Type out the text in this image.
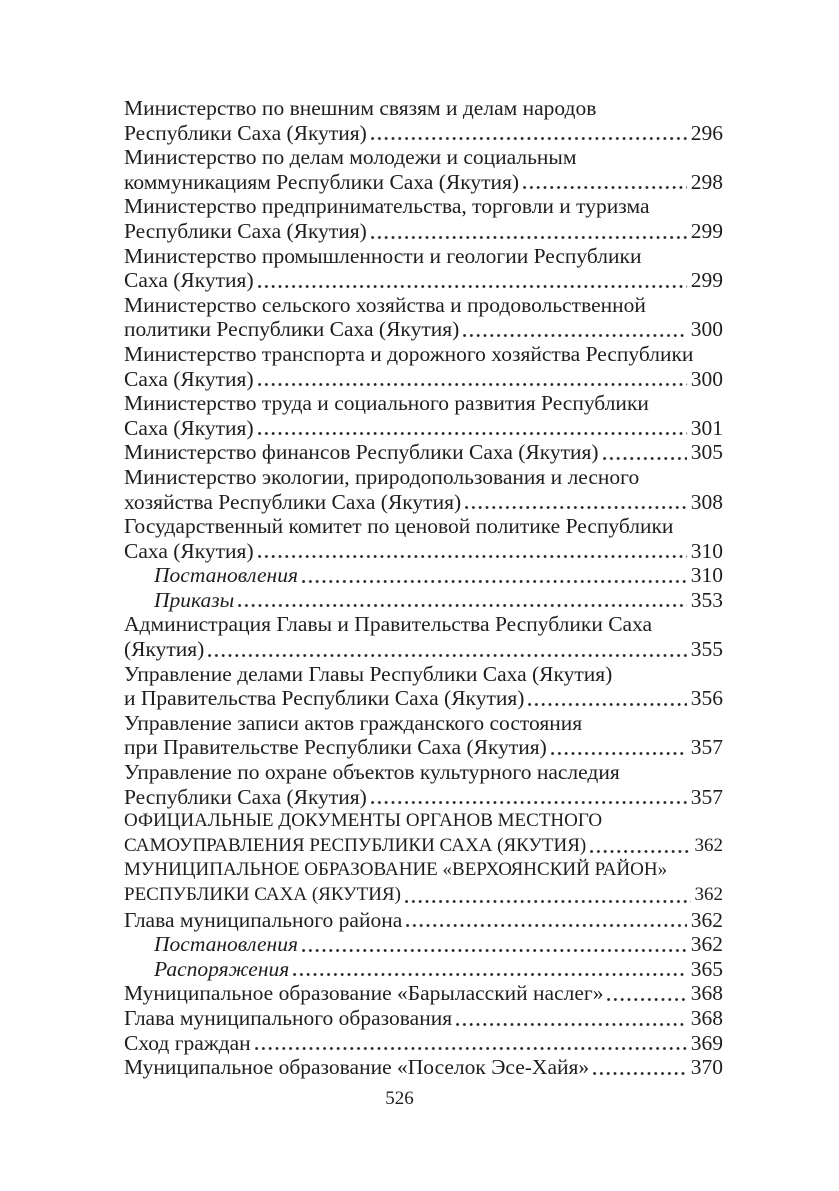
Министерство по внешним связям и делам народов
Республики Саха (Якутия)	296
Министерство по делам молодежи и социальным
коммуникациям Республики Саха (Якутия)	298
Министерство предпринимательства, торговли и туризма
Республики Саха (Якутия)	299
Министерство промышленности и геологии Республики
Саха (Якутия)	299
Министерство сельского хозяйства и продовольственной
политики Республики Саха (Якутия)	300
Министерство транспорта и дорожного хозяйства Республики
Саха (Якутия)	300
Министерство труда и социального развития Республики
Саха (Якутия)	301
Министерство финансов Республики Саха (Якутия)	305
Министерство экологии, природопользования и лесного
хозяйства Республики Саха (Якутия)	308
Государственный комитет по ценовой политике Республики
Саха (Якутия)	310
Постановления	310
Приказы	353
Администрация Главы и Правительства Республики Саха
(Якутия)	355
Управление делами Главы Республики Саха (Якутия)
и Правительства Республики Саха (Якутия)	356
Управление записи актов гражданского состояния
при Правительстве Республики Саха (Якутия)	357
Управление по охране объектов культурного наследия
Республики Саха (Якутия)	357
ОФИЦИАЛЬНЫЕ ДОКУМЕНТЫ ОРГАНОВ МЕСТНОГО
САМОУПРАВЛЕНИЯ РЕСПУБЛИКИ САХА (ЯКУТИЯ)	362
МУНИЦИПАЛЬНОЕ ОБРАЗОВАНИЕ «ВЕРХОЯНСКИЙ РАЙОН»
РЕСПУБЛИКИ САХА (ЯКУТИЯ)	362
Глава муниципального района	362
Постановления	362
Распоряжения	365
Муниципальное образование «Барыласский наслег»	368
Глава муниципального образования	368
Сход граждан	369
Муниципальное образование «Поселок Эсе-Хайя»	370
526
